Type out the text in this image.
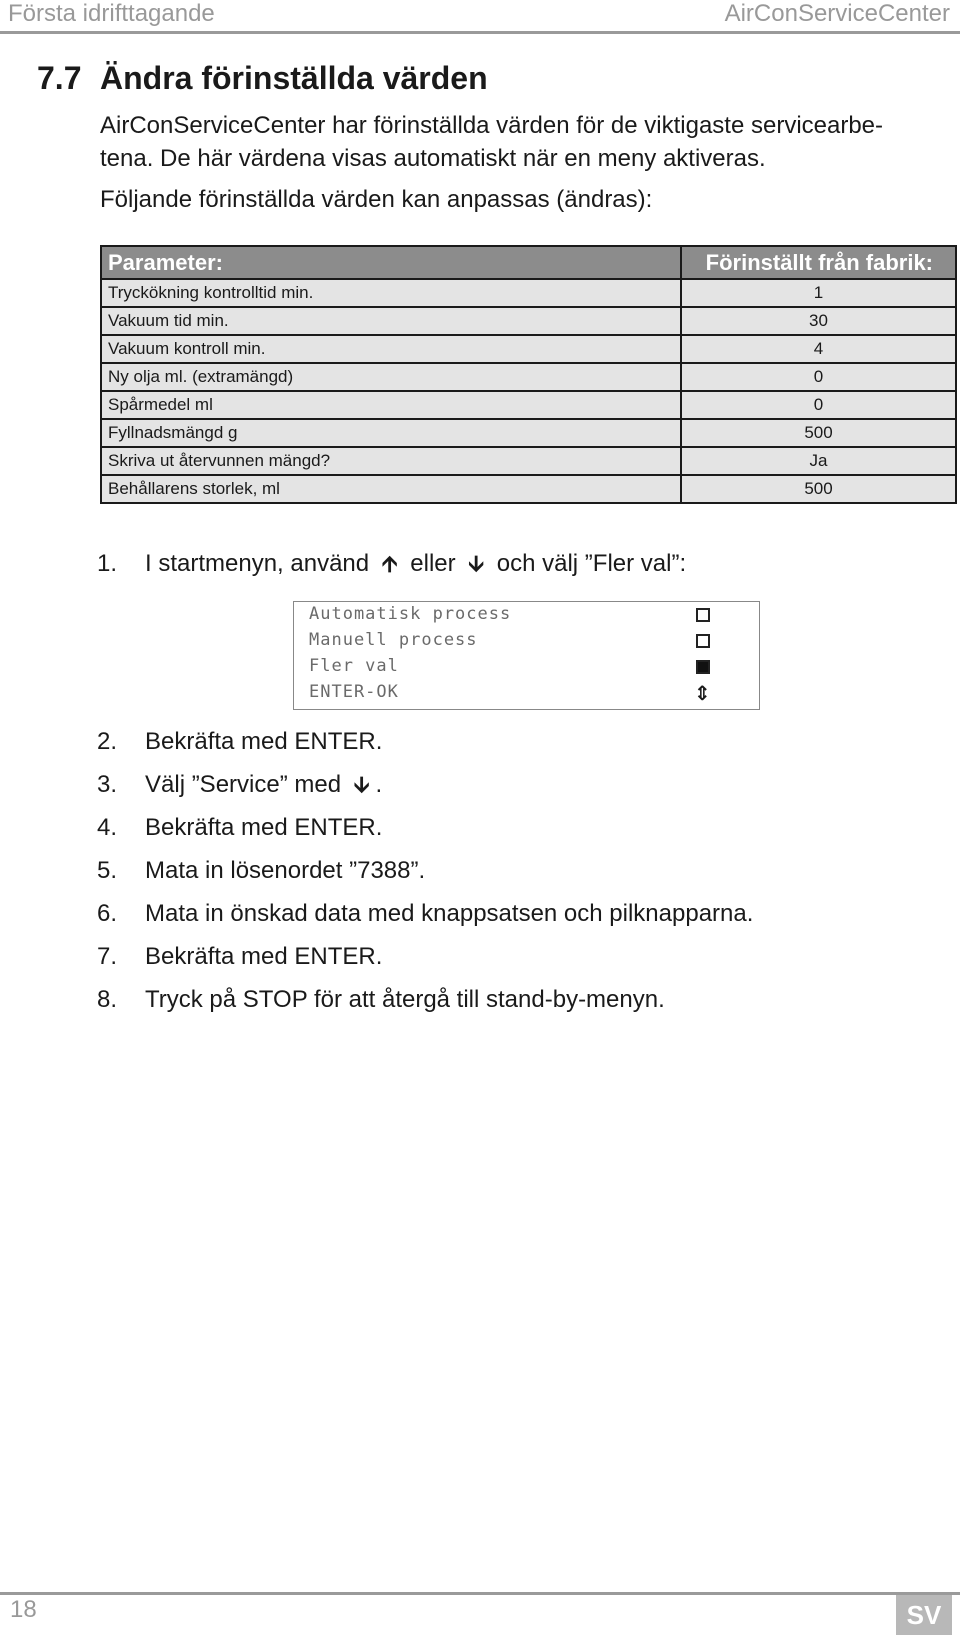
Första idrifttagande	AirConServiceCenter
7.7 Ändra förinställda värden
AirConServiceCenter har förinställda värden för de viktigaste servicearbe- tena. De här värdena visas automatiskt när en meny aktiveras.
Följande förinställda värden kan anpassas (ändras):
Parameter:	Förinställt från fabrik:
Tryckökning kontrolltid min.	1
Vakuum tid min.	30
Vakuum kontroll min.	4
Ny olja ml. (extramängd)	0
Spårmedel ml	0
Fyllnadsmängd g	500
Skriva ut återvunnen mängd?	Ja
Behållarens storlek, ml	500
1. I startmenyn, använd 🡩 eller 🡫 och välj ”Fler val”:
Automatisk process
Manuell process
Fler val
ENTER-OK	⇕
2. Bekräfta med ENTER.
3. Välj ”Service” med 🡫 .
4. Bekräfta med ENTER.
5. Mata in lösenordet ”7388”.
6. Mata in önskad data med knappsatsen och pilknapparna.
7. Bekräfta med ENTER.
8. Tryck på STOP för att återgå till stand-by-menyn.
18	SV
